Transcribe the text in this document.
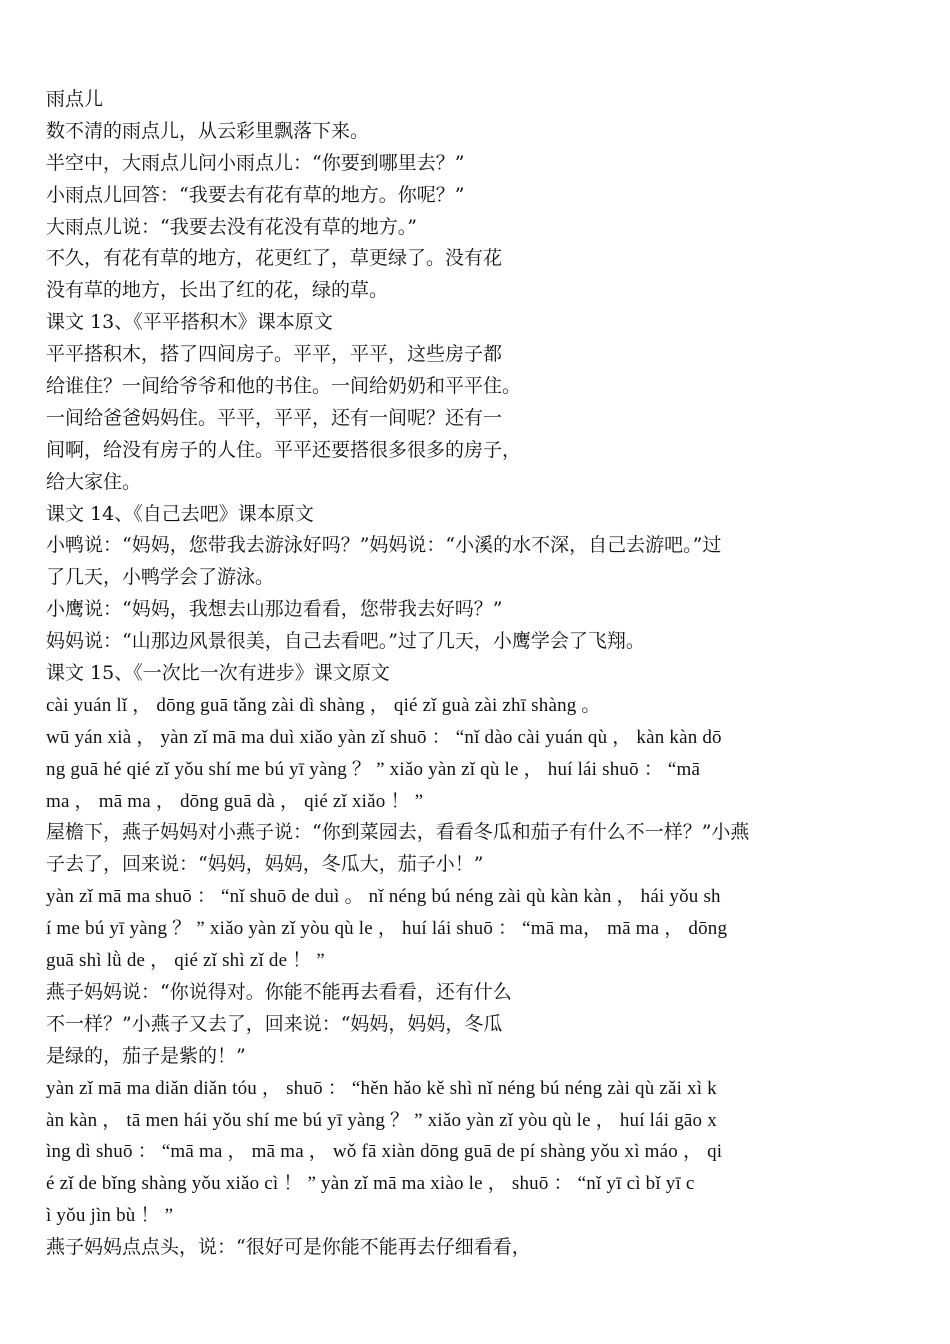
雨点儿
数不清的雨点儿，从云彩里飘落下来。
半空中，大雨点儿问小雨点儿：“你要到哪里去？”
小雨点儿回答：“我要去有花有草的地方。你呢？”
大雨点儿说：“我要去没有花没有草的地方。”
不久，有花有草的地方，花更红了，草更绿了。没有花
没有草的地方，长出了红的花，绿的草。
课文 13、《平平搭积木》课本原文
平平搭积木，搭了四间房子。平平，平平，这些房子都
给谁住？一间给爷爷和他的书住。一间给奶奶和平平住。
一间给爸爸妈妈住。平平，平平，还有一间呢？还有一
间啊，给没有房子的人住。平平还要搭很多很多的房子，
给大家住。
课文 14、《自己去吧》课本原文
小鸭说：“妈妈，您带我去游泳好吗？”妈妈说：“小溪的水不深，自己去游吧。”过
了几天，小鸭学会了游泳。
小鹰说：“妈妈，我想去山那边看看，您带我去好吗？”
妈妈说：“山那边风景很美，自己去看吧。”过了几天，小鹰学会了飞翔。
课文 15、《一次比一次有进步》课文原文
cài yuán lǐ ， dōng guā tǎng zài dì shàng ， qié zǐ guà zài zhī shàng 。
wū yán xià ， yàn zǐ mā ma duì xiǎo yàn zǐ shuō ： “nǐ dào cài yuán qù ， kàn kàn dō
ng guā hé qié zǐ yǒu shí me bú yī yàng ？ ” xiǎo yàn zǐ qù le ， huí lái shuō ： “mā
ma ， mā ma ， dōng guā dà ， qié zǐ xiǎo ！ ”
屋檐下，燕子妈妈对小燕子说：“你到菜园去，看看冬瓜和茄子有什么不一样？”小燕
子去了，回来说：“妈妈，妈妈，冬瓜大，茄子小！”
yàn zǐ mā ma shuō ： “nǐ shuō de duì 。 nǐ néng bú néng zài qù kàn kàn ， hái yǒu sh
í me bú yī yàng ？ ” xiǎo yàn zǐ yòu qù le ， huí lái shuō ： “mā ma， mā ma ， dōng
guā shì lǜ de ， qié zǐ shì zǐ de ！ ”
燕子妈妈说：“你说得对。你能不能再去看看，还有什么
不一样？”小燕子又去了，回来说：“妈妈，妈妈，冬瓜
是绿的，茄子是紫的！”
yàn zǐ mā ma diǎn diǎn tóu ， shuō ： “hěn hǎo kě shì nǐ néng bú néng zài qù zǎi xì k
àn kàn ， tā men hái yǒu shí me bú yī yàng ？ ” xiǎo yàn zǐ yòu qù le ， huí lái gāo x
ìng dì shuō ： “mā ma ， mā ma ， wǒ fā xiàn dōng guā de pí shàng yǒu xì máo ， qi
é zǐ de bǐng shàng yǒu xiǎo cì ！ ” yàn zǐ mā ma xiào le ， shuō ： “nǐ yī cì bǐ yī c
ì yǒu jìn bù ！ ”
燕子妈妈点点头，说：“很好可是你能不能再去仔细看看，
